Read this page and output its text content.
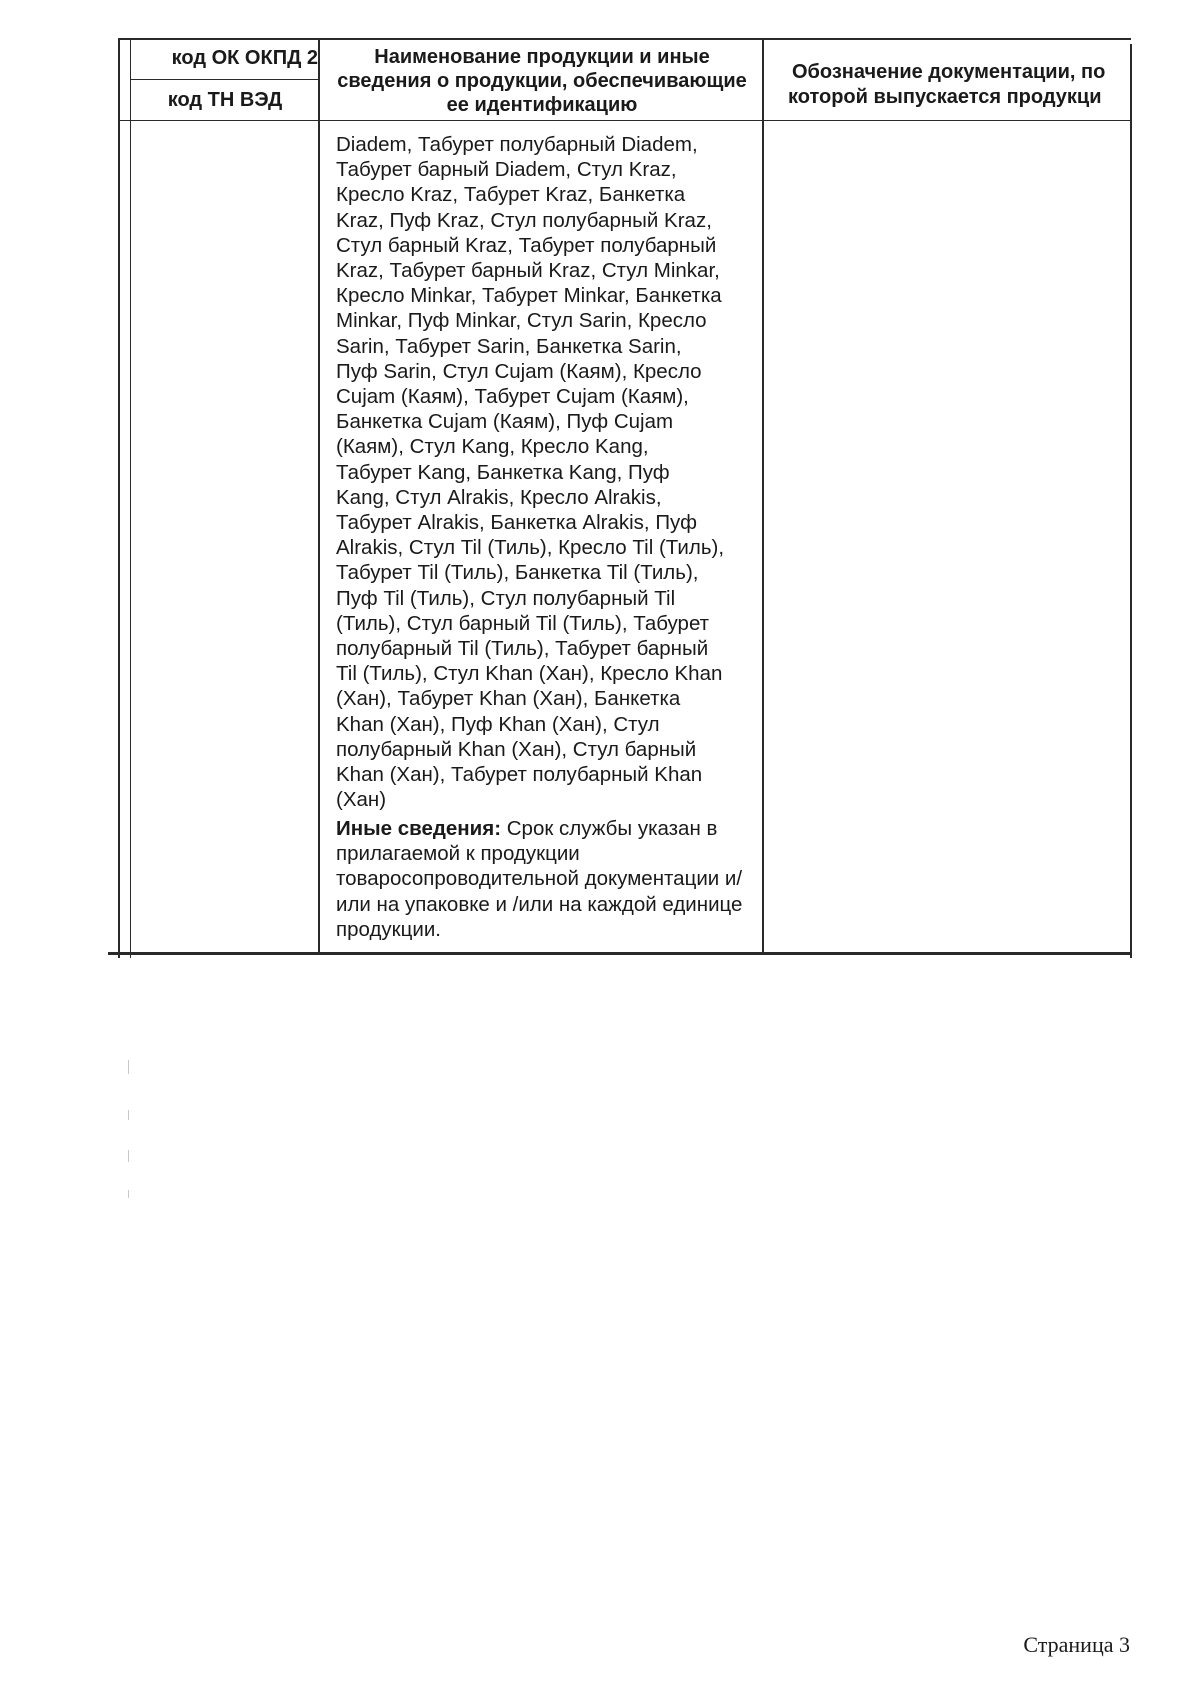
код ОК ОКПД 2
код ТН ВЭД
Наименование продукции и иные сведения о продукции, обеспечивающие ее идентификацию
Обозначение документации, по
которой выпускается продукци
Diadem, Табурет полубарный Diadem,
Табурет барный Diadem, Стул Kraz,
Кресло Kraz, Табурет Kraz, Банкетка
Kraz, Пуф Kraz, Стул полубарный Kraz,
Стул барный Kraz, Табурет полубарный
Kraz, Табурет барный Kraz, Стул Minkar,
Кресло Minkar, Табурет Minkar, Банкетка
Minkar, Пуф Minkar, Стул Sarin, Кресло
Sarin, Табурет Sarin, Банкетка Sarin,
Пуф Sarin, Стул Cujam (Каям), Кресло
Cujam (Каям), Табурет Cujam (Каям),
Банкетка Cujam (Каям), Пуф Cujam
(Каям), Стул Kang, Кресло Kang,
Табурет Kang, Банкетка Kang, Пуф
Kang, Стул Alrakis, Кресло Alrakis,
Табурет Alrakis, Банкетка Alrakis, Пуф
Alrakis, Стул Til (Тиль), Кресло Til (Тиль),
Табурет Til (Тиль), Банкетка Til (Тиль),
Пуф Til (Тиль), Стул полубарный Til
(Тиль), Стул барный Til (Тиль), Табурет
полубарный Til (Тиль), Табурет барный
Til (Тиль), Стул Khan (Хан), Кресло Khan
(Хан), Табурет Khan (Хан), Банкетка
Khan (Хан), Пуф Khan (Хан), Стул
полубарный Khan (Хан), Стул барный
Khan (Хан), Табурет полубарный Khan
(Хан)
Иные сведения: Срок службы указан в прилагаемой к продукции товаросопроводительной документации и/или на упаковке и /или на каждой единице продукции.
Страница 3
